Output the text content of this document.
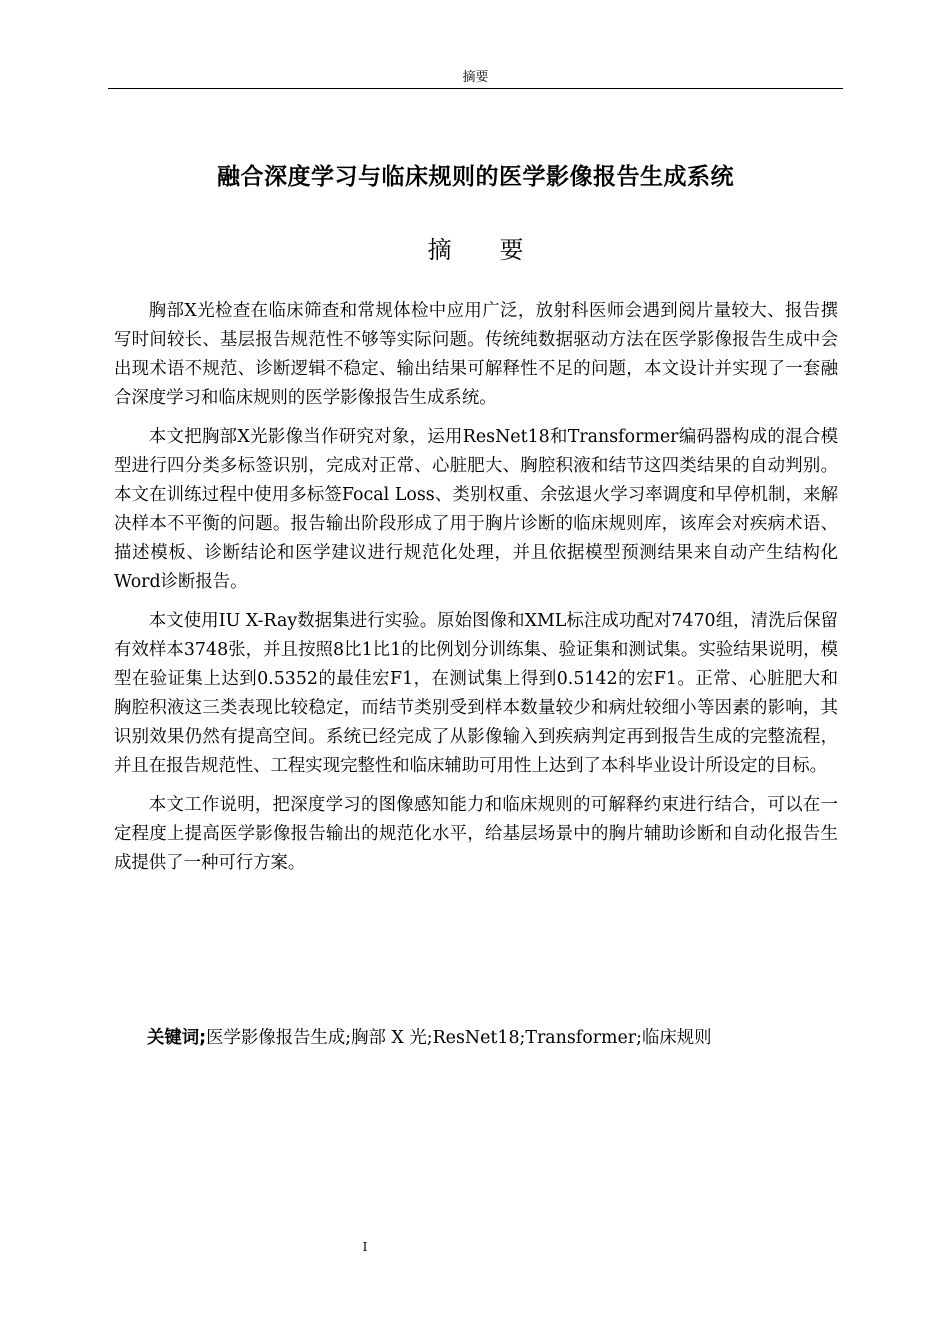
摘要
融合深度学习与临床规则的医学影像报告生成系统
摘要

胸部X光检查在临床筛查和常规体检中应用广泛，放射科医师会遇到阅片量较大、报告撰写时间较长、基层报告规范性不够等实际问题。传统纯数据驱动方法在医学影像报告生成中会出现术语不规范、诊断逻辑不稳定、输出结果可解释性不足的问题，本文设计并实现了一套融合深度学习和临床规则的医学影像报告生成系统。

本文把胸部X光影像当作研究对象，运用ResNet18和Transformer编码器构成的混合模型进行四分类多标签识别，完成对正常、心脏肥大、胸腔积液和结节这四类结果的自动判别。本文在训练过程中使用多标签Focal Loss、类别权重、余弦退火学习率调度和早停机制，来解决样本不平衡的问题。报告输出阶段形成了用于胸片诊断的临床规则库，该库会对疾病术语、描述模板、诊断结论和医学建议进行规范化处理，并且依据模型预测结果来自动产生结构化Word诊断报告。

本文使用IU X-Ray数据集进行实验。原始图像和XML标注成功配对7470组，清洗后保留有效样本3748张，并且按照8比1比1的比例划分训练集、验证集和测试集。实验结果说明，模型在验证集上达到0.5352的最佳宏F1，在测试集上得到0.5142的宏F1。正常、心脏肥大和胸腔积液这三类表现比较稳定，而结节类别受到样本数量较少和病灶较细小等因素的影响，其识别效果仍然有提高空间。系统已经完成了从影像输入到疾病判定再到报告生成的完整流程，并且在报告规范性、工程实现完整性和临床辅助可用性上达到了本科毕业设计所设定的目标。

本文工作说明，把深度学习的图像感知能力和临床规则的可解释约束进行结合，可以在一定程度上提高医学影像报告输出的规范化水平，给基层场景中的胸片辅助诊断和自动化报告生成提供了一种可行方案。

关键词;医学影像报告生成;胸部 X 光;ResNet18;Transformer;临床规则
I
